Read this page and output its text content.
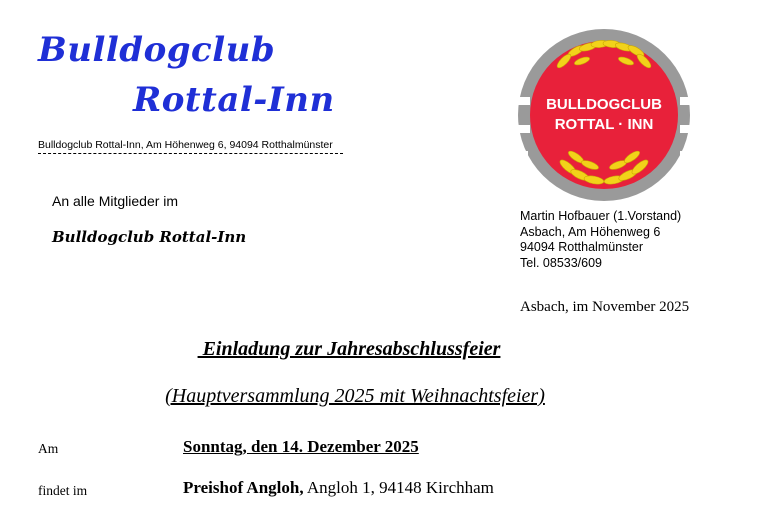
Bulldogclub
Rottal-Inn
Bulldogclub Rottal-Inn, Am Höhenweg 6, 94094 Rotthalmünster
BULLDOGCLUB
ROTTAL · INN
An alle Mitglieder im
Bulldogclub Rottal-Inn
Martin Hofbauer (1.Vorstand)
Asbach, Am Höhenweg 6
94094 Rotthalmünster
Tel. 08533/609
Asbach, im November 2025
Einladung zur Jahresabschlussfeier
(Hauptversammlung 2025 mit Weihnachtsfeier)
Am	Sonntag, den 14. Dezember 2025
findet im	Preishof Angloh, Angloh 1, 94148 Kirchham
